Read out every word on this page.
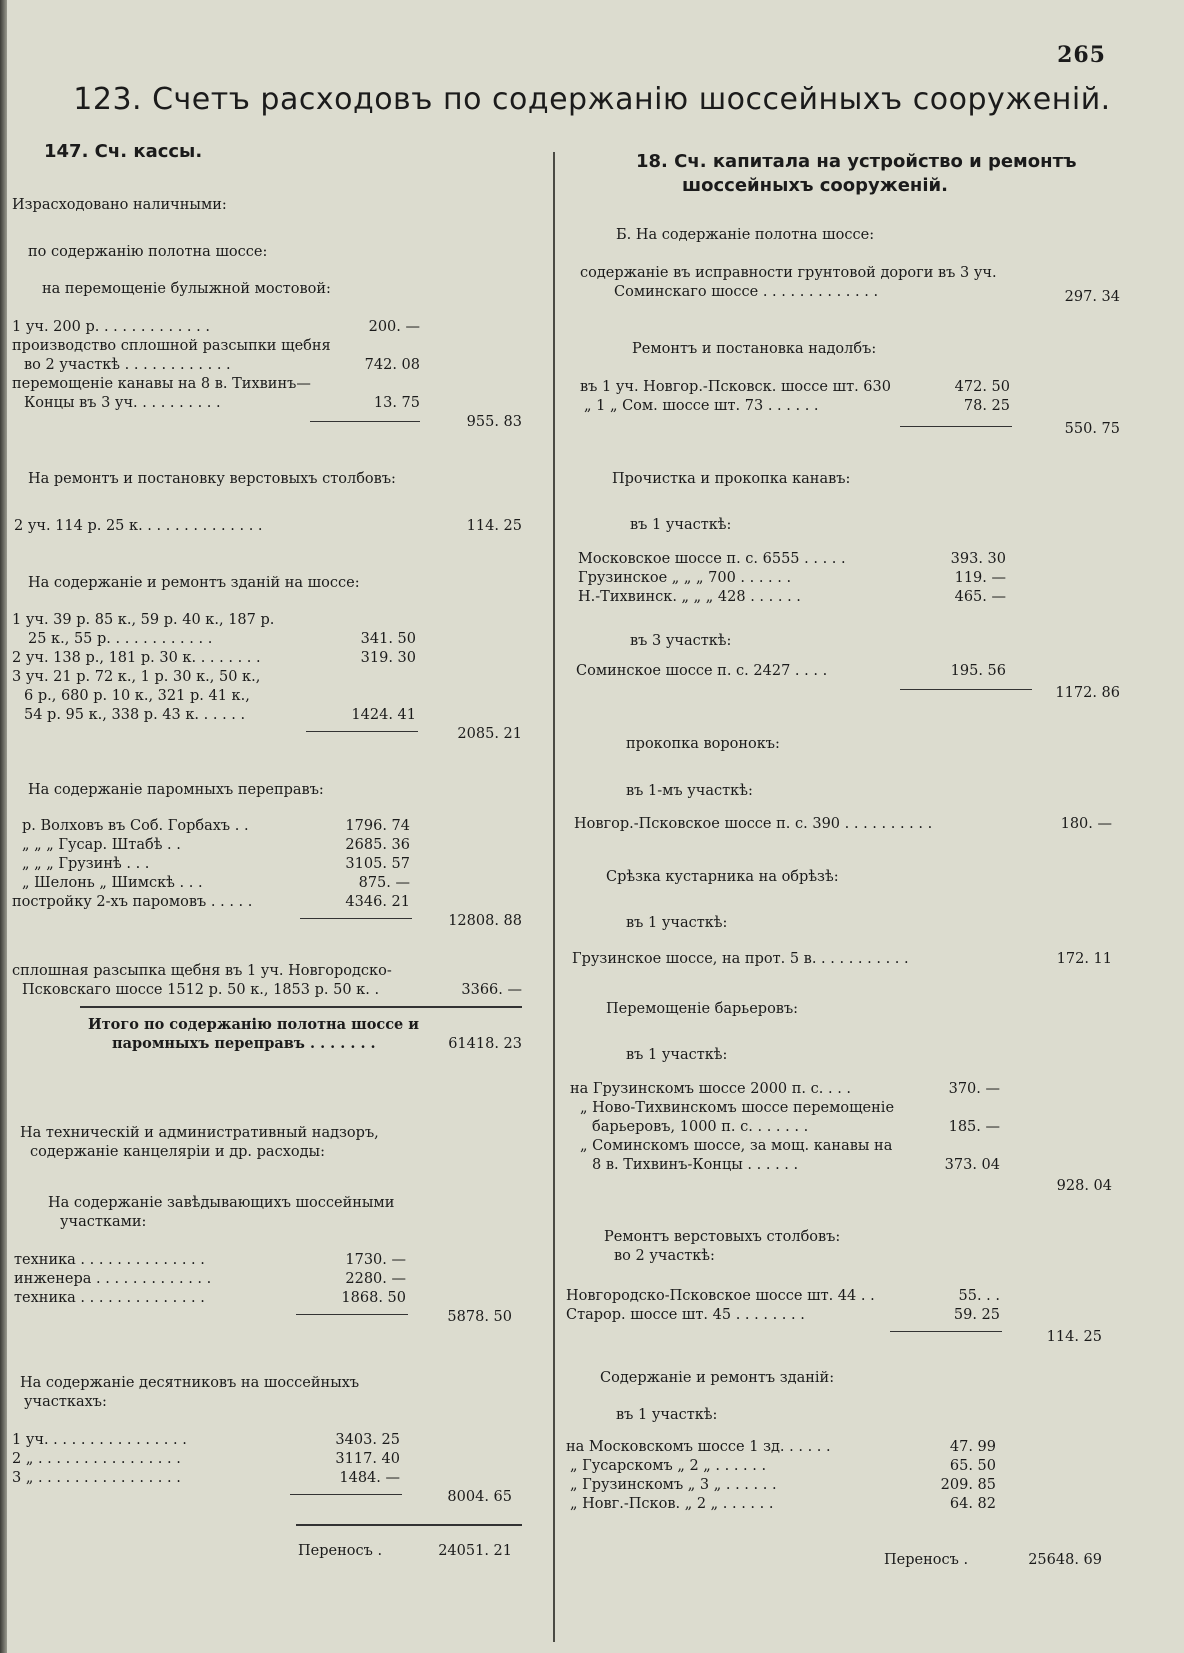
265
123. Счетъ расходовъ по содержанію шоссейныхъ сооруженій.
147. Сч. кассы.
Израсходовано наличными:
по содержанію полотна шоссе:
на перемощеніе булыжной мостовой:
1 уч. 200 р. . . . . . . . . . . . .	200. —
производство сплошной разсыпки щебня
во 2 участкѣ . . . . . . . . . . . .	742. 08
перемощеніе канавы на 8 в. Тихвинъ—
Концы въ 3 уч. . . . . . . . . .	13. 75
955. 83
На ремонтъ и постановку верстовыхъ столбовъ:
2 уч. 114 р. 25 к. . . . . . . . . . . . . .	114. 25
На содержаніе и ремонтъ зданій на шоссе:
1 уч. 39 р. 85 к., 59 р. 40 к., 187 р.
25 к., 55 р. . . . . . . . . . . .	341. 50
2 уч. 138 р., 181 р. 30 к. . . . . . . .	319. 30
3 уч. 21 р. 72 к., 1 р. 30 к., 50 к.,
6 р., 680 р. 10 к., 321 р. 41 к.,
54 р. 95 к., 338 р. 43 к. . . . . .	1424. 41
2085. 21
На содержаніе паромныхъ переправъ:
р. Волховъ въ Соб. Горбахъ . .	1796. 74
„ „ „ Гусар. Штабѣ . .	2685. 36
„ „ „ Грузинѣ . . .	3105. 57
„ Шелонь „ Шимскѣ . . .	875. —
постройку 2-хъ паромовъ . . . . .	4346. 21
12808. 88
сплошная разсыпка щебня въ 1 уч. Новгородско-
Псковскаго шоссе 1512 р. 50 к., 1853 р. 50 к. .	3366. —
Итого по содержанію полотна шоссе и
паромныхъ переправъ . . . . . . .	61418. 23
На техническій и административный надзоръ,
содержаніе канцеляріи и др. расходы:
На содержаніе завѣдывающихъ шоссейными
участками:
техника . . . . . . . . . . . . . .	1730. —
инженера . . . . . . . . . . . . .	2280. —
техника . . . . . . . . . . . . . .	1868. 50
5878. 50
На содержаніе десятниковъ на шоссейныхъ
участкахъ:
1 уч. . . . . . . . . . . . . . . .	3403. 25
2 „ . . . . . . . . . . . . . . . .	3117. 40
3 „ . . . . . . . . . . . . . . . .	1484. —
8004. 65
Переносъ .	24051. 21
18. Сч. капитала на устройство и ремонтъ
шоссейныхъ сооруженій.
Б. На содержаніе полотна шоссе:
содержаніе въ исправности грунтовой дороги въ 3 уч.
Соминскаго шоссе . . . . . . . . . . . . .	297. 34
Ремонтъ и постановка надолбъ:
въ 1 уч. Новгор.-Псковск. шоссе шт. 630	472. 50
„ 1 „ Сом. шоссе шт. 73 . . . . . .	78. 25
550. 75
Прочистка и прокопка канавъ:
въ 1 участкѣ:
Московское шоссе п. с. 6555 . . . . .	393. 30
Грузинское „ „ „ 700 . . . . . .	119. —
Н.-Тихвинск. „ „ „ 428 . . . . . .	465. —
въ 3 участкѣ:
Соминское шоссе п. с. 2427 . . . .	195. 56
1172. 86
прокопка воронокъ:
въ 1-мъ участкѣ:
Новгор.-Псковское шоссе п. с. 390 . . . . . . . . . .	180. —
Срѣзка кустарника на обрѣзѣ:
въ 1 участкѣ:
Грузинское шоссе, на прот. 5 в. . . . . . . . . . .	172. 11
Перемощеніе барьеровъ:
въ 1 участкѣ:
на Грузинскомъ шоссе 2000 п. с. . . .	370. —
„ Ново-Тихвинскомъ шоссе перемощеніе
барьеровъ, 1000 п. с. . . . . . .	185. —
„ Соминскомъ шоссе, за мощ. канавы на
8 в. Тихвинъ-Концы . . . . . .	373. 04
928. 04
Ремонтъ верстовыхъ столбовъ:
во 2 участкѣ:
Новгородско-Псковское шоссе шт. 44 . .	55. . .
Старор. шоссе шт. 45 . . . . . . . .	59. 25
114. 25
Содержаніе и ремонтъ зданій:
въ 1 участкѣ:
на Московскомъ шоссе 1 зд. . . . . .	47. 99
„ Гусарскомъ „ 2 „ . . . . . .	65. 50
„ Грузинскомъ „ 3 „ . . . . . .	209. 85
„ Новг.-Псков. „ 2 „ . . . . . .	64. 82
Переносъ .	25648. 69
